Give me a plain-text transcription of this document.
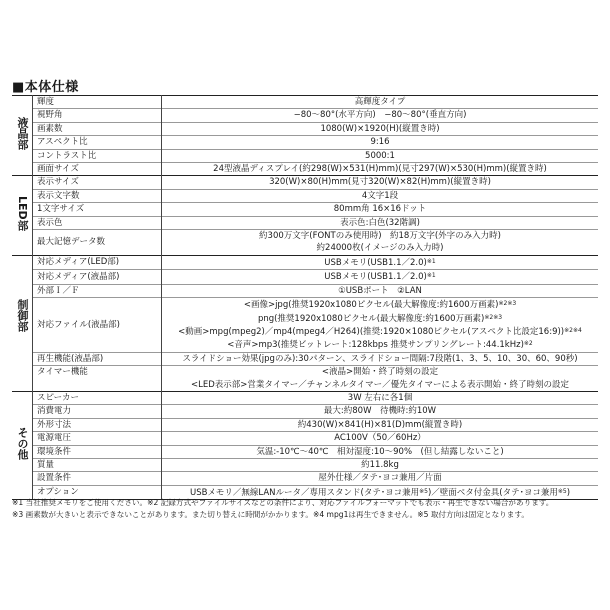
■本体仕様
液晶部	輝度	高輝度タイプ
	視野角	−80〜80°(水平方向)　−80〜80°(垂直方向)
	画素数	1080(W)×1920(H)(縦置き時)
	アスペクト比	9:16
	コントラスト比	5000:1
	画面サイズ	24型液晶ディスプレイ(約298(W)×531(H)mm)(見寸297(W)×530(H)mm)(縦置き時)
LED部	表示サイズ	320(W)×80(H)mm(見寸320(W)×82(H)mm)(縦置き時)
	表示文字数	4文字1段
	1文字サイズ	80mm角 16×16ドット
	表示色	表示色:白色(32階調)
	最大記憶データ数	約300万文字(FONTのみ使用時)　約18万文字(外字のみ入力時)
		約24000枚(イメージのみ入力時)
制御部	対応メディア(LED部)	USBメモリ(USB1.1／2.0)$^{※1}$
	対応メディア(液晶部)	USBメモリ(USB1.1／2.0)$^{※1}$
	外部Ｉ／Ｆ	①USBポート　②LAN
	対応ファイル(液晶部)	<画像>jpg(推奨1920x1080ピクセル(最大解像度:約1600万画素)$^{※2※3}$
		png(推奨1920x1080ピクセル(最大解像度:約1600万画素)$^{※2※3}$
		<動画>mpg(mpeg2)／mp4(mpeg4／H264)(推奨:1920×1080ピクセル(アスペクト比設定16:9))$^{※2※4}$
		<音声>mp3(推奨ビットレート:128kbps 推奨サンプリングレート:44.1kHz)$^{※2}$
	再生機能(液晶部)	スライドショー効果(jpgのみ):30パターン、スライドショー間隔:7段階(1、3、5、10、30、60、90秒)
	タイマー機能	<液晶>開始・終了時刻の設定
		<LED表示部>営業タイマー／チャンネルタイマー／優先タイマーによる表示開始・終了時刻の設定
その他	スピーカー	3W 左右に各1個
	消費電力	最大:約80W　待機時:約10W
	外形寸法	約430(W)×841(H)×81(D)mm(縦置き時)
	電源電圧	AC100V（50／60Hz）
	環境条件	気温:-10℃〜40℃　相対湿度:10〜90%　(但し結露しないこと)
	質量	約11.8kg
	設置条件	屋外仕様／タテ･ヨコ兼用／片面
	オプション	USBメモリ／無線LANルータ／専用スタンド(タテ･ヨコ兼用$^{※5}$)／壁面ベタ付金具(タテ･ヨコ兼用$^{※5}$)
※1 当社推奨メモリをご使用ください。※2 記録方式やファイルサイズなどの条件により、対応ファイルフォーマットでも表示・再生できない場合があります。
※3 画素数が大きいと表示できないことがあります。また切り替えに時間がかかります。※4 mpg1は再生できません。※5 取付方向は固定となります。
